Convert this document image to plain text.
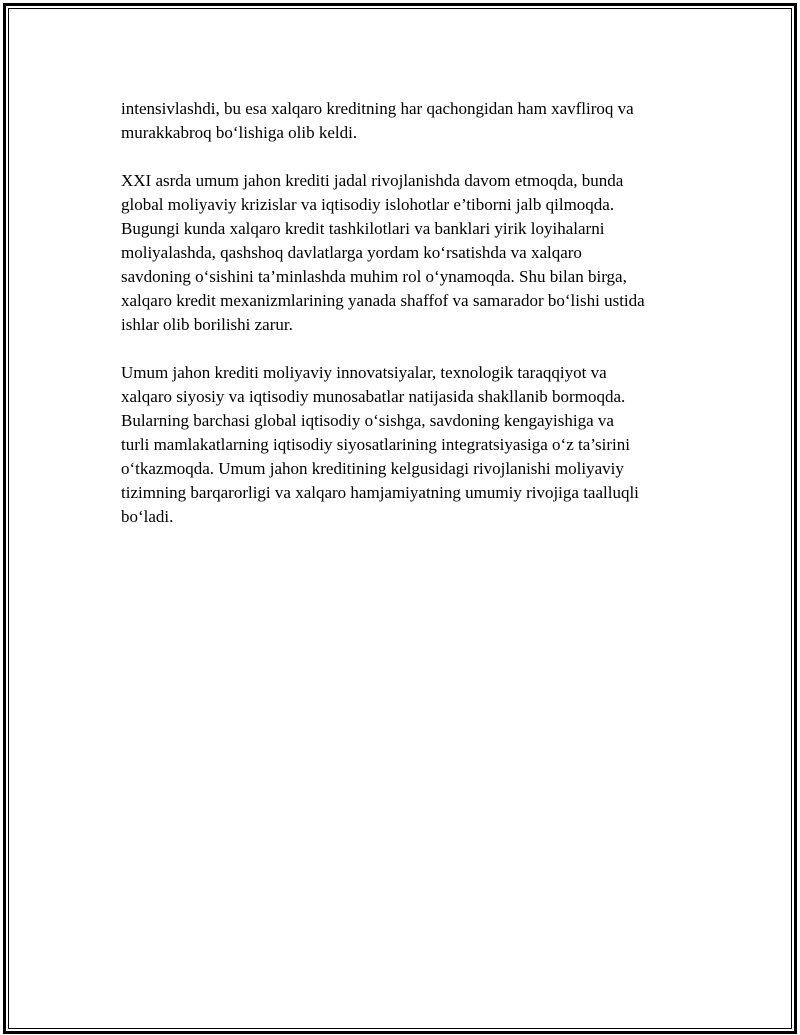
intensivlashdi, bu esa xalqaro kreditning har qachongidan ham xavfliroq va
murakkabroq bo‘lishiga olib keldi.

XXI asrda umum jahon krediti jadal rivojlanishda davom etmoqda, bunda
global moliyaviy krizislar va iqtisodiy islohotlar e’tiborni jalb qilmoqda.
Bugungi kunda xalqaro kredit tashkilotlari va banklari yirik loyihalarni
moliyalashda, qashshoq davlatlarga yordam ko‘rsatishda va xalqaro
savdoning o‘sishini ta’minlashda muhim rol o‘ynamoqda. Shu bilan birga,
xalqaro kredit mexanizmlarining yanada shaffof va samarador bo‘lishi ustida
ishlar olib borilishi zarur.

Umum jahon krediti moliyaviy innovatsiyalar, texnologik taraqqiyot va
xalqaro siyosiy va iqtisodiy munosabatlar natijasida shakllanib bormoqda.
Bularning barchasi global iqtisodiy o‘sishga, savdoning kengayishiga va
turli mamlakatlarning iqtisodiy siyosatlarining integratsiyasiga o‘z ta’sirini
o‘tkazmoqda. Umum jahon kreditining kelgusidagi rivojlanishi moliyaviy
tizimning barqarorligi va xalqaro hamjamiyatning umumiy rivojiga taalluqli
bo‘ladi.
